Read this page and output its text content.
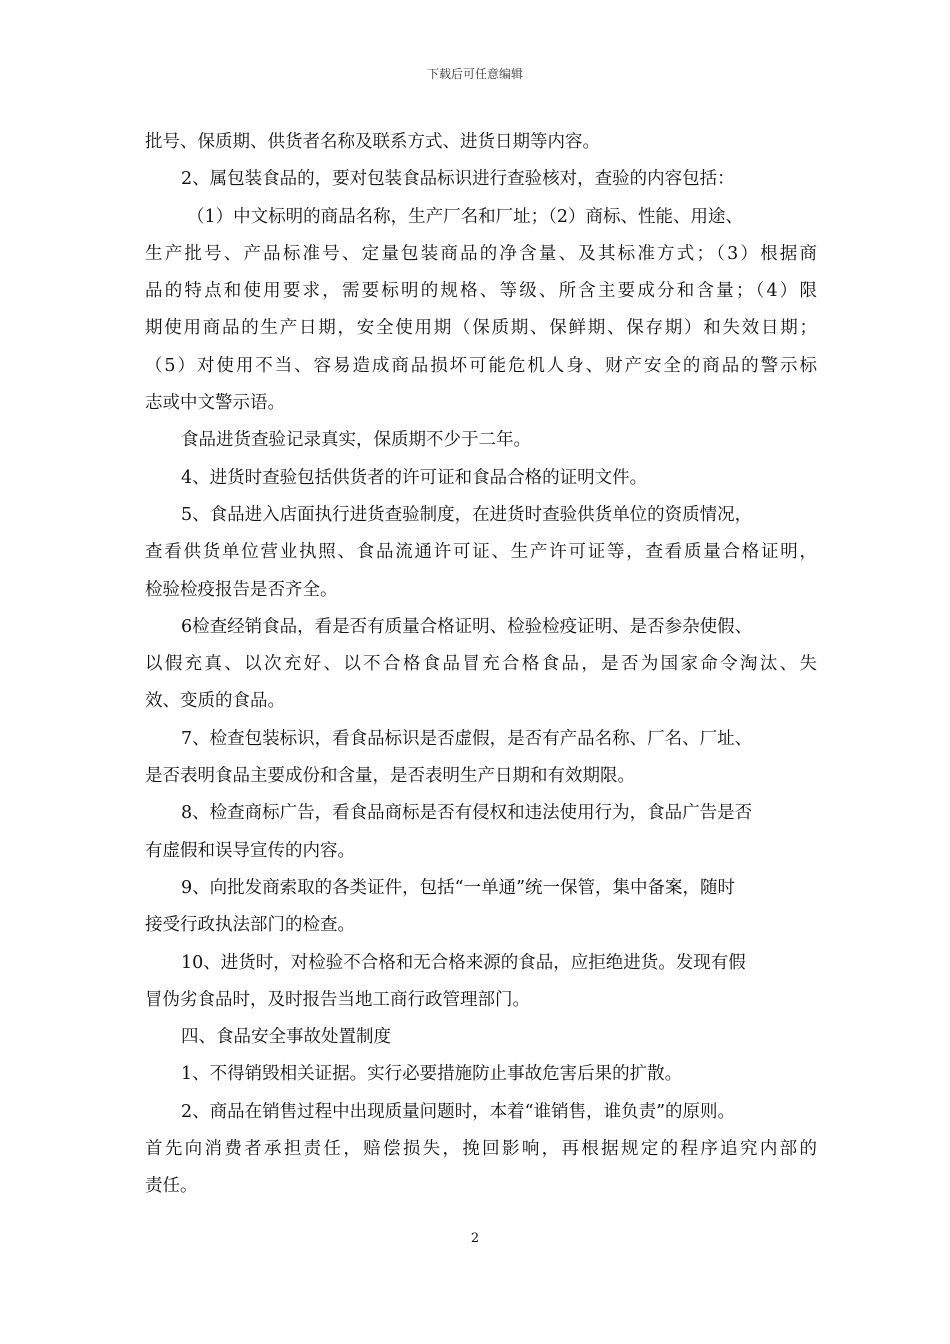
下载后可任意编辑
批号、保质期、供货者名称及联系方式、进货日期等内容。
2、属包装食品的，要对包装食品标识进行查验核对，查验的内容包括：
（1）中文标明的商品名称，生产厂名和厂址；（2）商标、性能、用途、
生产批号、产品标准号、定量包装商品的净含量、及其标准方式；（3）根据商
品的特点和使用要求，需要标明的规格、等级、所含主要成分和含量；（4）限
期使用商品的生产日期，安全使用期（保质期、保鲜期、保存期）和失效日期；
（5）对使用不当、容易造成商品损坏可能危机人身、财产安全的商品的警示标
志或中文警示语。
食品进货查验记录真实，保质期不少于二年。
4、进货时查验包括供货者的许可证和食品合格的证明文件。
5、食品进入店面执行进货查验制度，在进货时查验供货单位的资质情况，
查看供货单位营业执照、食品流通许可证、生产许可证等，查看质量合格证明，
检验检疫报告是否齐全。
6检查经销食品，看是否有质量合格证明、检验检疫证明、是否参杂使假、
以假充真、以次充好、以不合格食品冒充合格食品，是否为国家命令淘汰、失
效、变质的食品。
7、检查包装标识，看食品标识是否虚假，是否有产品名称、厂名、厂址、
是否表明食品主要成份和含量，是否表明生产日期和有效期限。
8、检查商标广告，看食品商标是否有侵权和违法使用行为，食品广告是否
有虚假和误导宣传的内容。
9、向批发商索取的各类证件，包括“一单通”统一保管，集中备案，随时
接受行政执法部门的检查。
10、进货时，对检验不合格和无合格来源的食品，应拒绝进货。发现有假
冒伪劣食品时，及时报告当地工商行政管理部门。
四、食品安全事故处置制度
1、不得销毁相关证据。实行必要措施防止事故危害后果的扩散。
2、商品在销售过程中出现质量问题时，本着“谁销售，谁负责”的原则。
首先向消费者承担责任，赔偿损失，挽回影响，再根据规定的程序追究内部的
责任。
2
